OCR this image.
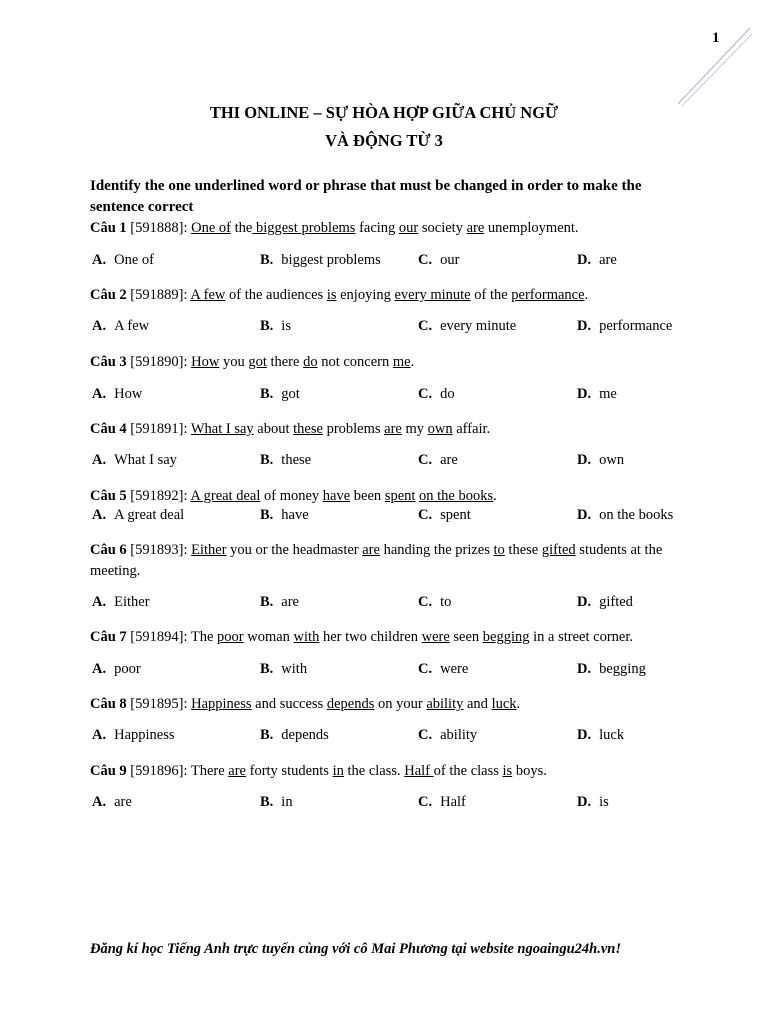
1
THI ONLINE – SỰ HÒA HỢP GIỮA CHỦ NGỮ
VÀ ĐỘNG TỪ 3
Identify the one underlined word or phrase that must be changed in order to make the sentence correct
Câu 1 [591888]: One of the biggest problems facing our society are unemployment.
A. One of	B. biggest problems	C. our	D. are
Câu 2 [591889]: A few of the audiences is enjoying every minute of the performance.
A. A few	B. is	C. every minute	D. performance
Câu 3 [591890]: How you got there do not concern me.
A. How	B. got	C. do	D. me
Câu 4 [591891]: What I say about these problems are my own affair.
A. What I say	B. these	C. are	D. own
Câu 5 [591892]: A great deal of money have been spent on the books.
A. A great deal	B. have	C. spent	D. on the books
Câu 6 [591893]: Either you or the headmaster are handing the prizes to these gifted students at the meeting.
A. Either	B. are	C. to	D. gifted
Câu 7 [591894]: The poor woman with her two children were seen begging in a street corner.
A. poor	B. with	C. were	D. begging
Câu 8 [591895]: Happiness and success depends on your ability and luck.
A. Happiness	B. depends	C. ability	D. luck
Câu 9 [591896]: There are forty students in the class. Half of the class is boys.
A. are	B. in	C. Half	D. is
Đăng kí học Tiếng Anh trực tuyến cùng với cô Mai Phương tại website ngoaingu24h.vn!
